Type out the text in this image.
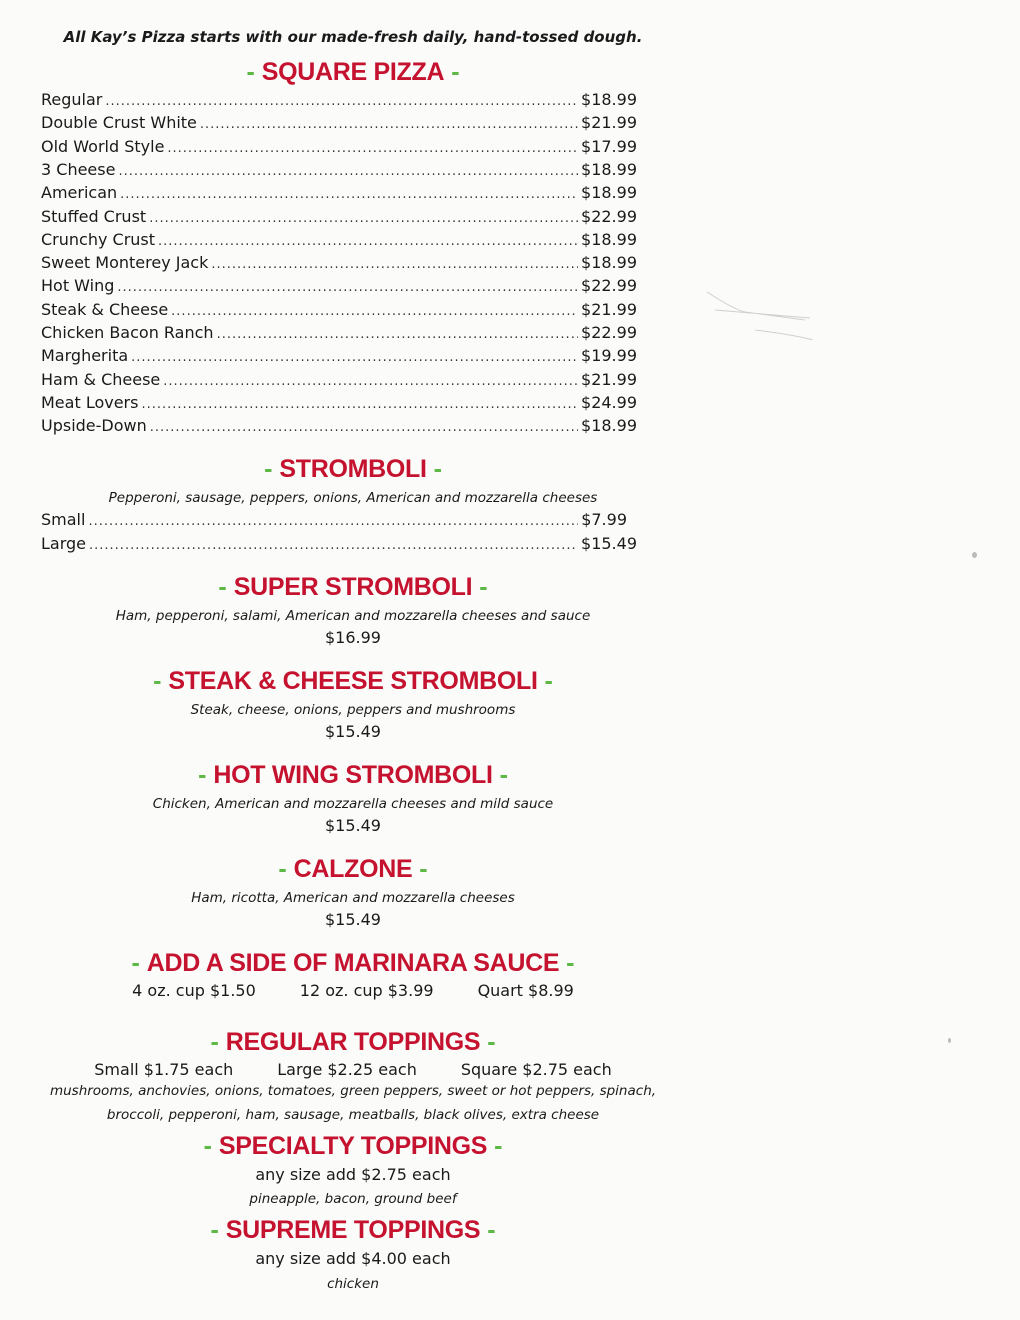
All Kay’s Pizza starts with our made-fresh daily, hand-tossed dough.

- SQUARE PIZZA -
Regular .....	$18.99
Double Crust White .....	$21.99
Old World Style .....	$17.99
3 Cheese .....	$18.99
American .....	$18.99
Stuffed Crust .....	$22.99
Crunchy Crust .....	$18.99
Sweet Monterey Jack .....	$18.99
Hot Wing .....	$22.99
Steak & Cheese .....	$21.99
Chicken Bacon Ranch .....	$22.99
Margherita .....	$19.99
Ham & Cheese .....	$21.99
Meat Lovers .....	$24.99
Upside-Down .....	$18.99
- STROMBOLI -

Pepperoni, sausage, peppers, onions, American and mozzarella cheeses

Small .....	$7.99
Large .....	$15.49
- SUPER STROMBOLI -

Ham, pepperoni, salami, American and mozzarella cheeses and sauce

$16.99

- STEAK & CHEESE STROMBOLI -

Steak, cheese, onions, peppers and mushrooms

$15.49

- HOT WING STROMBOLI -

Chicken, American and mozzarella cheeses and mild sauce

$15.49

- CALZONE -

Ham, ricotta, American and mozzarella cheeses

$15.49

- ADD A SIDE OF MARINARA SAUCE -
4 oz. cup $1.50	12 oz. cup $3.99	Quart $8.99
- REGULAR TOPPINGS -
Small $1.75 each	Large $2.25 each	Square $2.75 each

mushrooms, anchovies, onions, tomatoes, green peppers, sweet or hot peppers, spinach,

broccoli, pepperoni, ham, sausage, meatballs, black olives, extra cheese

- SPECIALTY TOPPINGS -

any size add $2.75 each

pineapple, bacon, ground beef

- SUPREME TOPPINGS -

any size add $4.00 each

chicken
